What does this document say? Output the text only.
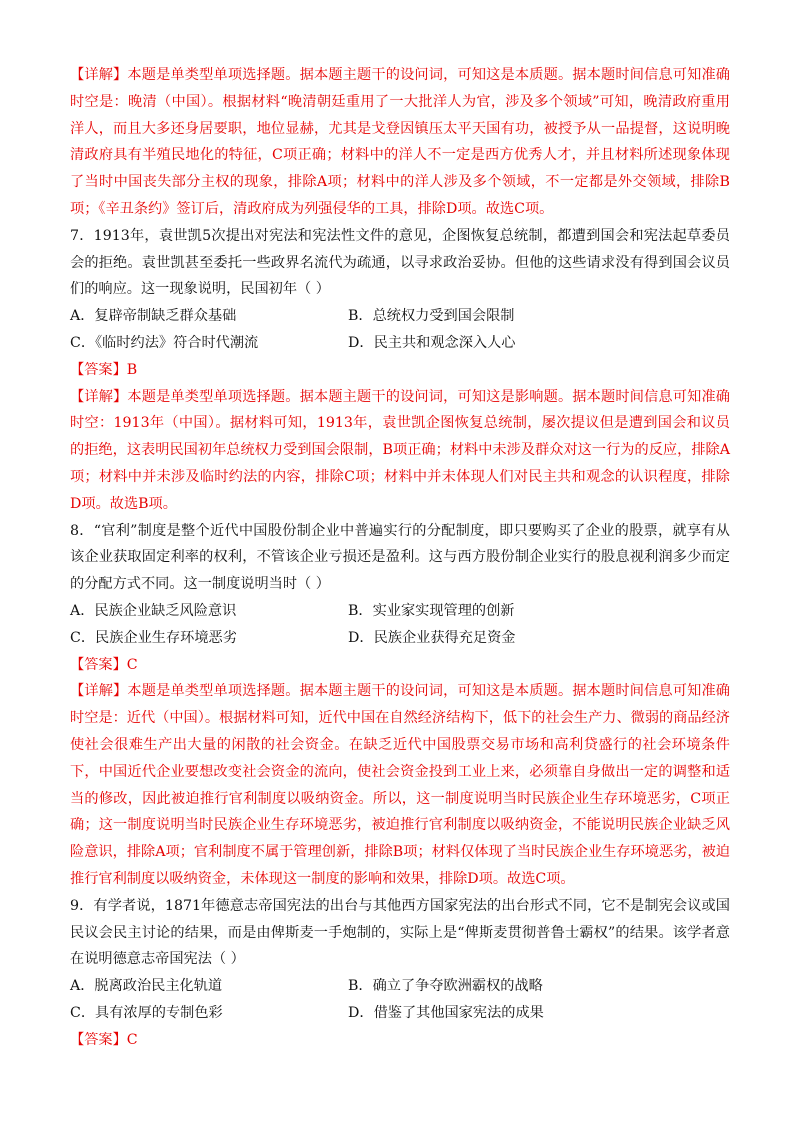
【详解】本题是单类型单项选择题。据本题主题干的设问词，可知这是本质题。据本题时间信息可知准确时空是：晚清（中国）。根据材料“晚清朝廷重用了一大批洋人为官，涉及多个领域”可知，晚清政府重用洋人，而且大多还身居要职，地位显赫，尤其是戈登因镇压太平天国有功，被授予从一品提督，这说明晚清政府具有半殖民地化的特征，C项正确；材料中的洋人不一定是西方优秀人才，并且材料所述现象体现了当时中国丧失部分主权的现象，排除A项；材料中的洋人涉及多个领域，不一定都是外交领域，排除B项；《辛丑条约》签订后，清政府成为列强侵华的工具，排除D项。故选C项。

7．1913年，袁世凯5次提出对宪法和宪法性文件的意见，企图恢复总统制，都遭到国会和宪法起草委员会的拒绝。袁世凯甚至委托一些政界名流代为疏通，以寻求政治妥协。但他的这些请求没有得到国会议员们的响应。这一现象说明，民国初年（ ）

A．复辟帝制缺乏群众基础	B．总统权力受到国会限制

C．《临时约法》符合时代潮流	D．民主共和观念深入人心

【答案】B

【详解】本题是单类型单项选择题。据本题主题干的设问词，可知这是影响题。据本题时间信息可知准确时空：1913年（中国）。据材料可知，1913年，袁世凯企图恢复总统制，屡次提议但是遭到国会和议员的拒绝，这表明民国初年总统权力受到国会限制，B项正确；材料中未涉及群众对这一行为的反应，排除A项；材料中并未涉及临时约法的内容，排除C项；材料中并未体现人们对民主共和观念的认识程度，排除D项。故选B项。

8．“官利”制度是整个近代中国股份制企业中普遍实行的分配制度，即只要购买了企业的股票，就享有从该企业获取固定利率的权利，不管该企业亏损还是盈利。这与西方股份制企业实行的股息视利润多少而定的分配方式不同。这一制度说明当时（ ）

A．民族企业缺乏风险意识	B．实业家实现管理的创新

C．民族企业生存环境恶劣	D．民族企业获得充足资金

【答案】C

【详解】本题是单类型单项选择题。据本题主题干的设问词，可知这是本质题。据本题时间信息可知准确时空是：近代（中国）。根据材料可知，近代中国在自然经济结构下，低下的社会生产力、微弱的商品经济使社会很难生产出大量的闲散的社会资金。在缺乏近代中国股票交易市场和高利贷盛行的社会环境条件下，中国近代企业要想改变社会资金的流向，使社会资金投到工业上来，必须靠自身做出一定的调整和适当的修改，因此被迫推行官利制度以吸纳资金。所以，这一制度说明当时民族企业生存环境恶劣，C项正确；这一制度说明当时民族企业生存环境恶劣，被迫推行官利制度以吸纳资金，不能说明民族企业缺乏风险意识，排除A项；官利制度不属于管理创新，排除B项；材料仅体现了当时民族企业生存环境恶劣，被迫推行官利制度以吸纳资金，未体现这一制度的影响和效果，排除D项。故选C项。

9．有学者说，1871年德意志帝国宪法的出台与其他西方国家宪法的出台形式不同，它不是制宪会议或国民议会民主讨论的结果，而是由俾斯麦一手炮制的，实际上是“俾斯麦贯彻普鲁士霸权”的结果。该学者意在说明德意志帝国宪法（ ）

A．脱离政治民主化轨道	B．确立了争夺欧洲霸权的战略

C．具有浓厚的专制色彩	D．借鉴了其他国家宪法的成果

【答案】C
